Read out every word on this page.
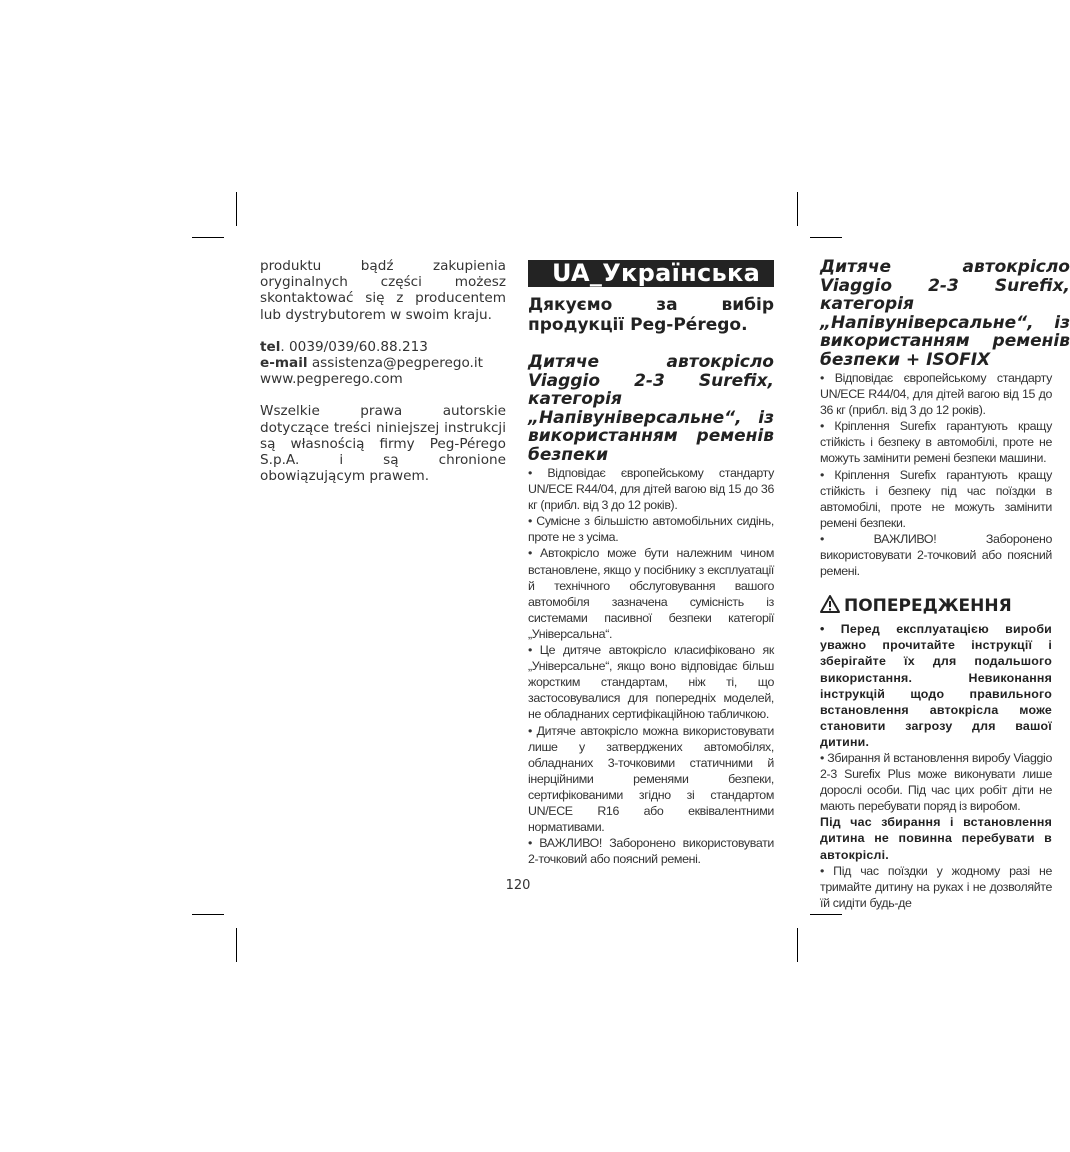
produktu bądź zakupienia oryginalnych części możesz skontaktować się z producentem lub dystrybutorem w swoim kraju.

tel. 0039/039/60.88.213

e-mail assistenza@pegperego.it

www.pegperego.com

Wszelkie prawa autorskie dotyczące treści niniejszej instrukcji są własnością firmy Peg-Pérego S.p.A. i są chronione obowiązującym prawem.

UA_Українська
Дякуємо за вибір продукції Peg-Pérego.
Дитяче автокрісло Viaggio 2-3 Surefix, категорія „Напівуніверсальне“, із використанням ременів безпеки

• Відповідає європейському стандарту UN/ECE R44/04, для дітей вагою від 15 до 36 кг (прибл. від 3 до 12 років).

• Сумісне з більшістю автомобільних сидінь, проте не з усіма.

• Автокрісло може бути належним чином встановлене, якщо у посібнику з експлуатації й технічного обслуговування вашого автомобіля зазначена сумісність із системами пасивної безпеки категорії „Універсальна“.

• Це дитяче автокрісло класифіковано як „Універсальне“, якщо воно відповідає більш жорстким стандартам, ніж ті, що застосовувалися для попередніх моделей, не обладнаних сертифікаційною табличкою.

• Дитяче автокрісло можна використовувати лише у затверджених автомобілях, обладнаних 3-точковими статичними й інерційними ременями безпеки, сертифікованими згідно зі стандартом UN/ECE R16 або еквівалентними нормативами.

• ВАЖЛИВО! Заборонено використовувати 2-точковий або поясний ремені.

Дитяче автокрісло Viaggio 2-3 Surefix, категорія „Напівуніверсальне“, із використанням ременів безпеки + ISOFIX

• Відповідає європейському стандарту UN/ECE R44/04, для дітей вагою від 15 до 36 кг (прибл. від 3 до 12 років).

• Кріплення Surefix гарантують кращу стійкість і безпеку в автомобілі, проте не можуть замінити ремені безпеки машини.

• Кріплення Surefix гарантують кращу стійкість і безпеку під час поїздки в автомобілі, проте не можуть замінити ремені безпеки.

• ВАЖЛИВО! Заборонено використовувати 2-точковий або поясний ремені.

ПОПЕРЕДЖЕННЯ

• Перед експлуатацією вироби уважно прочитайте інструкції і зберігайте їх для подальшого використання. Невиконання інструкцій щодо правильного встановлення автокрісла може становити загрозу для вашої дитини.

• Збирання й встановлення виробу Viaggio 2-3 Surefix Plus може виконувати лише дорослі особи. Під час цих робіт діти не мають перебувати поряд із виробом.

Під час збирання і встановлення дитина не повинна перебувати в автокріслі.

• Під час поїздки у жодному разі не тримайте дитину на руках і не дозволяйте їй сидіти будь-де

120
